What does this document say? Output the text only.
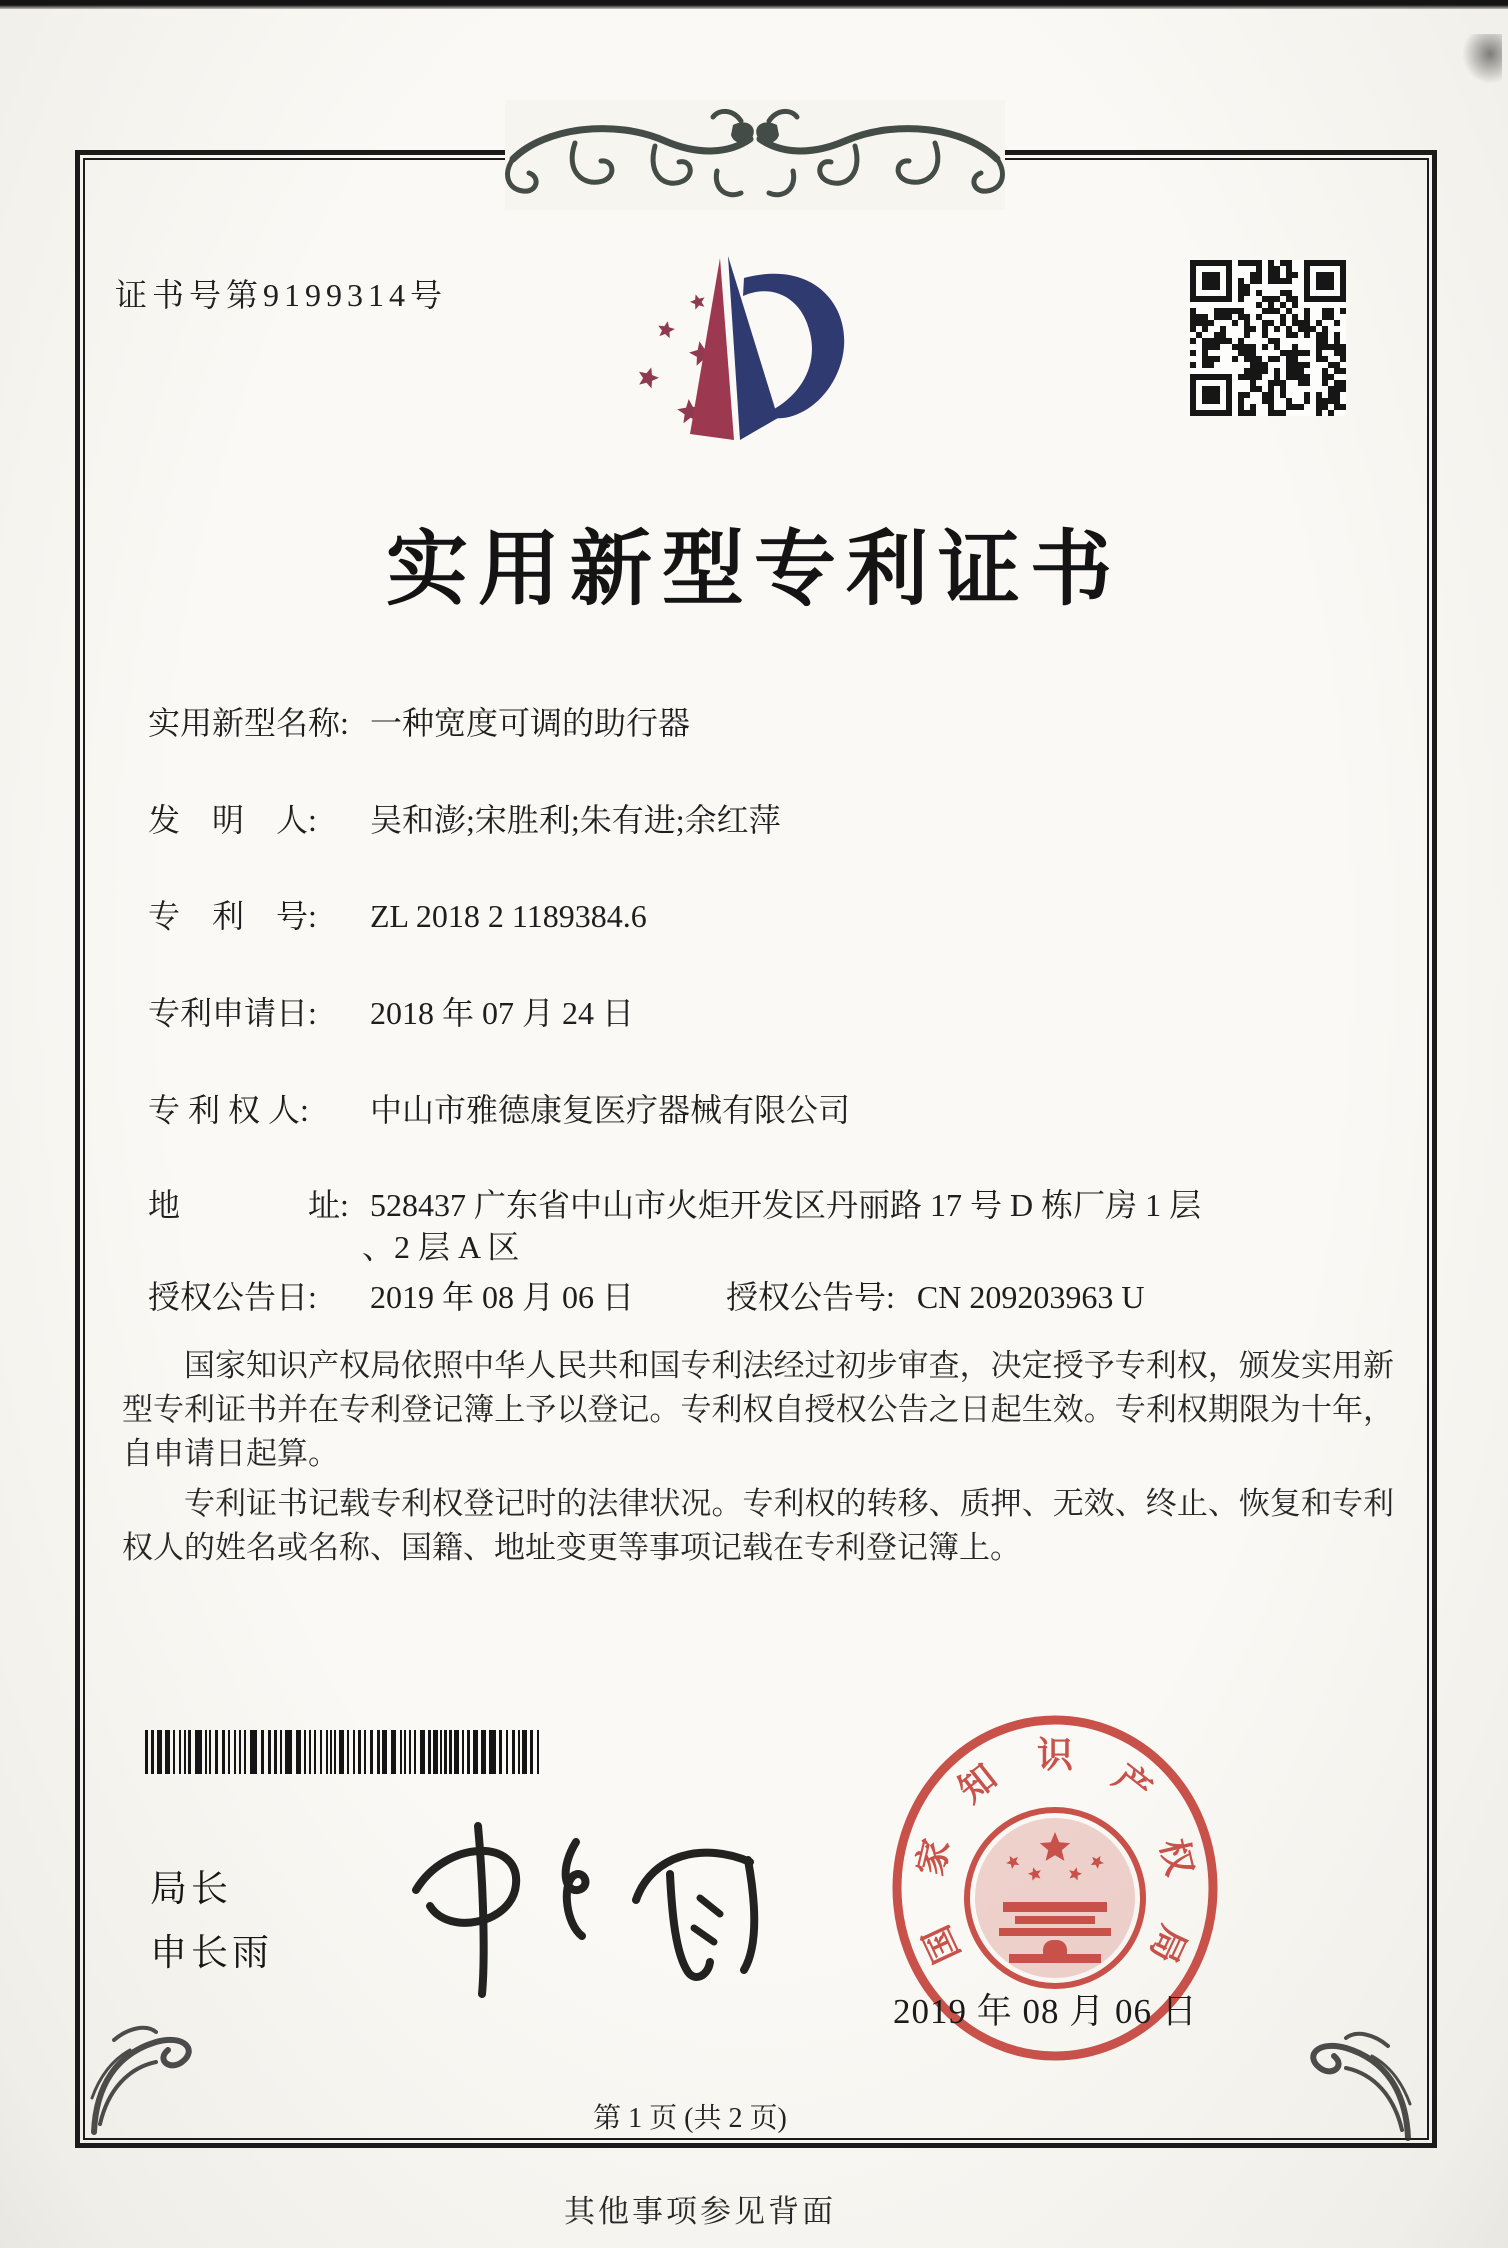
证书号第9199314号
实用新型专利证书
实用新型名称: 一种宽度可调的助行器
发　明　人: 吴和澎;宋胜利;朱有进;余红萍
专　利　号: ZL 2018 2 1189384.6
专利申请日: 2018 年 07 月 24 日
专 利 权 人: 中山市雅德康复医疗器械有限公司
地　　　　址: 528437 广东省中山市火炬开发区丹丽路 17 号 D 栋厂房 1 层
、2 层 A 区
授权公告日: 2019 年 08 月 06 日	授权公告号: CN 209203963 U

国家知识产权局依照中华人民共和国专利法经过初步审查，决定授予专利权，颁发实用新型专利证书并在专利登记簿上予以登记。专利权自授权公告之日起生效。专利权期限为十年，自申请日起算。

专利证书记载专利权登记时的法律状况。专利权的转移、质押、无效、终止、恢复和专利权人的姓名或名称、国籍、地址变更等事项记载在专利登记簿上。

局长
申长雨	国
家
知
识
产
权
局
2019 年 08 月 06 日
第 1 页 (共 2 页)
其他事项参见背面
